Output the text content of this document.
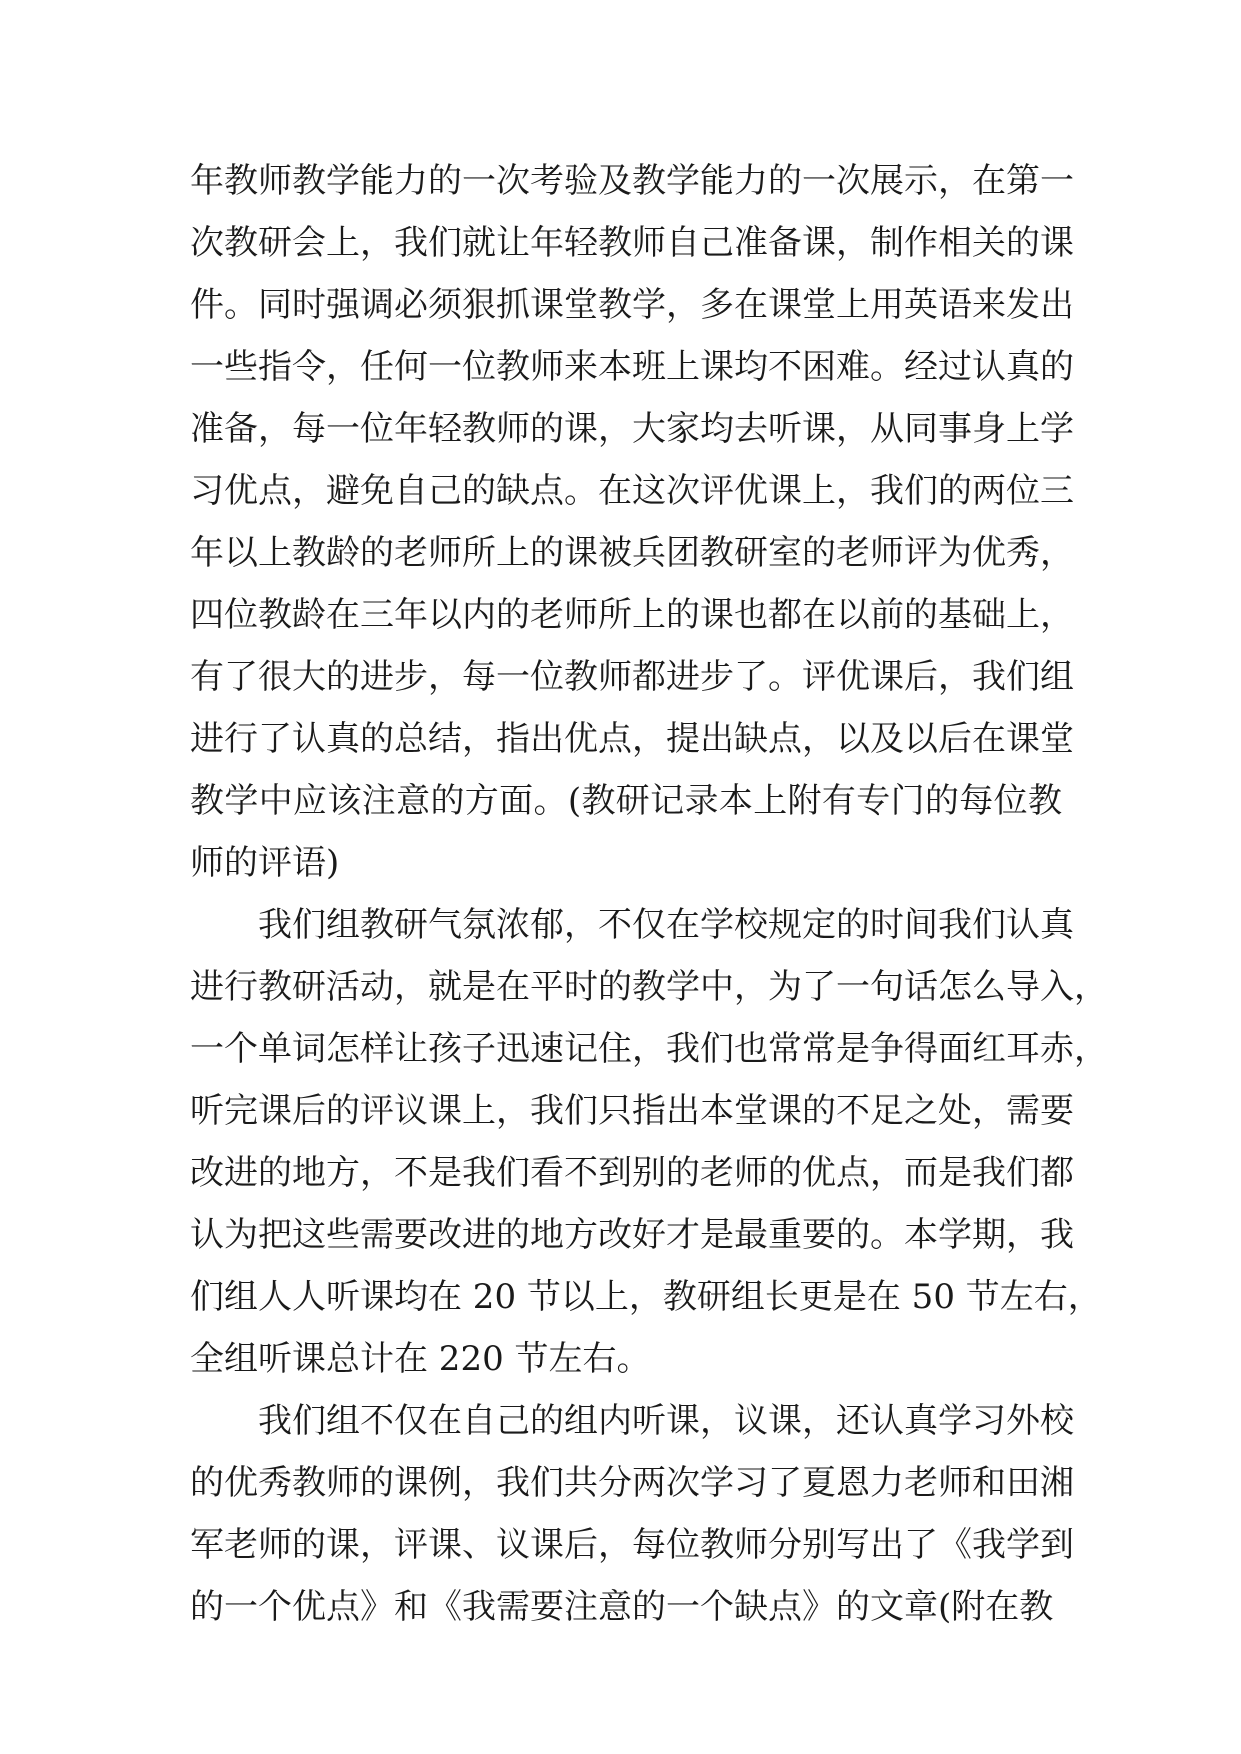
年教师教学能力的一次考验及教学能力的一次展示，在第一
次教研会上，我们就让年轻教师自己准备课，制作相关的课
件。同时强调必须狠抓课堂教学，多在课堂上用英语来发出
一些指令，任何一位教师来本班上课均不困难。经过认真的
准备，每一位年轻教师的课，大家均去听课，从同事身上学
习优点，避免自己的缺点。在这次评优课上，我们的两位三
年以上教龄的老师所上的课被兵团教研室的老师评为优秀，
四位教龄在三年以内的老师所上的课也都在以前的基础上，
有了很大的进步，每一位教师都进步了。评优课后，我们组
进行了认真的总结，指出优点，提出缺点，以及以后在课堂
教学中应该注意的方面。(教研记录本上附有专门的每位教
师的评语)
我们组教研气氛浓郁，不仅在学校规定的时间我们认真
进行教研活动，就是在平时的教学中，为了一句话怎么导入，
一个单词怎样让孩子迅速记住，我们也常常是争得面红耳赤，
听完课后的评议课上，我们只指出本堂课的不足之处，需要
改进的地方，不是我们看不到别的老师的优点，而是我们都
认为把这些需要改进的地方改好才是最重要的。本学期，我
们组人人听课均在 20 节以上，教研组长更是在 50 节左右，
全组听课总计在 220 节左右。
我们组不仅在自己的组内听课，议课，还认真学习外校
的优秀教师的课例，我们共分两次学习了夏恩力老师和田湘
军老师的课，评课、议课后，每位教师分别写出了《我学到
的一个优点》和《我需要注意的一个缺点》的文章(附在教
